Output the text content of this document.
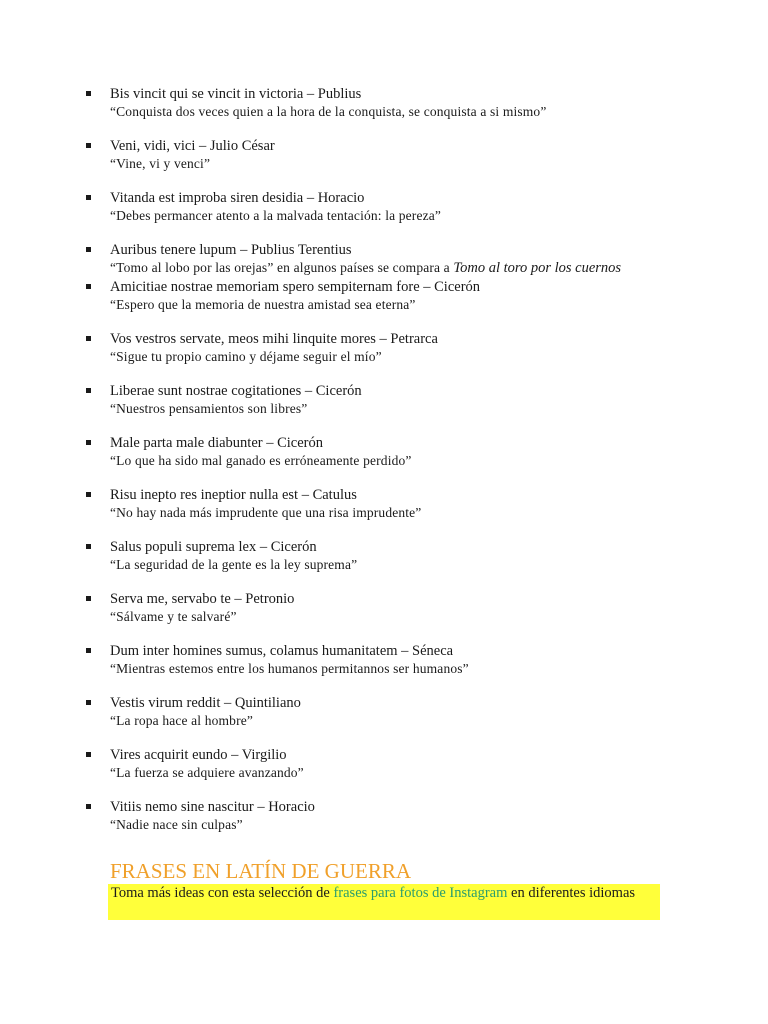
Bis vincit qui se vincit in victoria – Publius
“Conquista dos veces quien a la hora de la conquista, se conquista a si mismo”
Veni, vidi, vici – Julio César
“Vine, vi y venci”
Vitanda est improba siren desidia – Horacio
“Debes permancer atento a la malvada tentación: la pereza”
Auribus tenere lupum – Publius Terentius
“Tomo al lobo por las orejas” en algunos países se compara a Tomo al toro por los cuernos
Amicitiae nostrae memoriam spero sempiternam fore – Cicerón
“Espero que la memoria de nuestra amistad sea eterna”
Vos vestros servate, meos mihi linquite mores – Petrarca
“Sigue tu propio camino y déjame seguir el mío”
Liberae sunt nostrae cogitationes – Cicerón
“Nuestros pensamientos son libres”
Male parta male diabunter – Cicerón
“Lo que ha sido mal ganado es erróneamente perdido”
Risu inepto res ineptior nulla est – Catulus
“No hay nada más imprudente que una risa imprudente”
Salus populi suprema lex – Cicerón
“La seguridad de la gente es la ley suprema”
Serva me, servabo te – Petronio
“Sálvame y te salvaré”
Dum inter homines sumus, colamus humanitatem – Séneca
“Mientras estemos entre los humanos permitannos ser humanos”
Vestis virum reddit – Quintiliano
“La ropa hace al hombre”
Vires acquirit eundo – Virgilio
“La fuerza se adquiere avanzando”
Vitiis nemo sine nascitur – Horacio
“Nadie nace sin culpas”
FRASES EN LATÍN DE GUERRA
Toma más ideas con esta selección de frases para fotos de Instagram en diferentes idiomas
